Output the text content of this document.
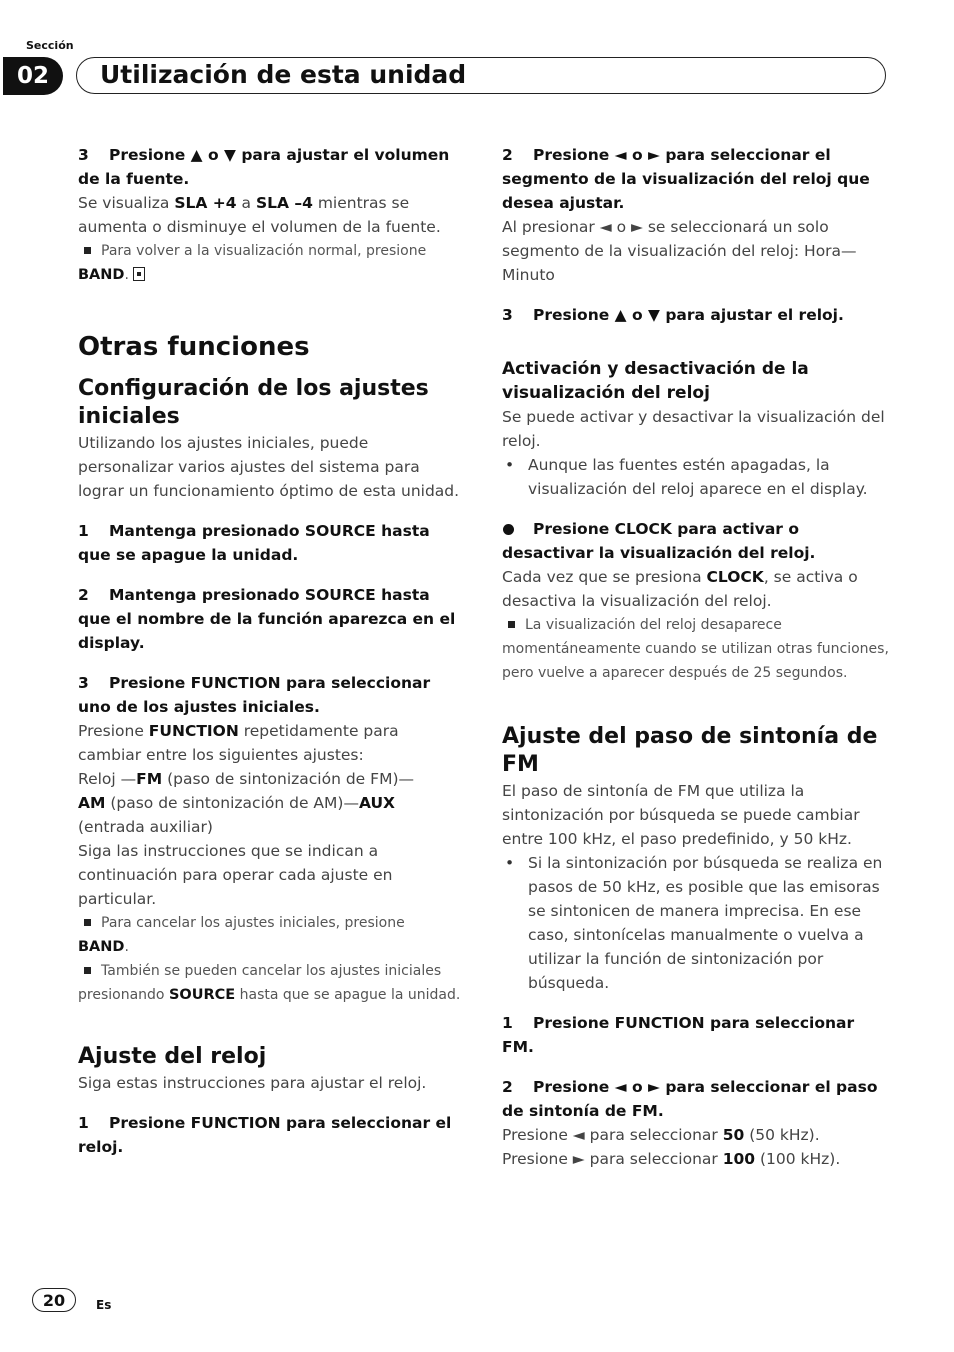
Sección
02	Utilización de esta unidad

3 Presione ▲ o ▼ para ajustar el volumen de la fuente.

Se visualiza SLA +4 a SLA –4 mientras se aumenta o disminuye el volumen de la fuente.

Para volver a la visualización normal, presione
BAND.

Otras funciones
Configuración de los ajustes iniciales

Utilizando los ajustes iniciales, puede personalizar varios ajustes del sistema para lograr un funcionamiento óptimo de esta unidad.

1 Mantenga presionado SOURCE hasta que se apague la unidad.

2 Mantenga presionado SOURCE hasta que el nombre de la función aparezca en el display.

3 Presione FUNCTION para seleccionar uno de los ajustes iniciales.

Presione FUNCTION repetidamente para cambiar entre los siguientes ajustes:
Reloj —FM (paso de sintonización de FM)—
AM (paso de sintonización de AM)—AUX (entrada auxiliar)
Siga las instrucciones que se indican a continuación para operar cada ajuste en particular.

Para cancelar los ajustes iniciales, presione
BAND.

También se pueden cancelar los ajustes iniciales presionando SOURCE hasta que se apague la unidad.

Ajuste del reloj

Siga estas instrucciones para ajustar el reloj.

1 Presione FUNCTION para seleccionar el reloj.

2 Presione ◄ o ► para seleccionar el segmento de la visualización del reloj que desea ajustar.

Al presionar ◄ o ► se seleccionará un solo segmento de la visualización del reloj: Hora—Minuto

3 Presione ▲ o ▼ para ajustar el reloj.

Activación y desactivación de la visualización del reloj

Se puede activar y desactivar la visualización del reloj.

• Aunque las fuentes estén apagadas, la visualización del reloj aparece en el display.

Presione CLOCK para activar o desactivar la visualización del reloj.

Cada vez que se presiona CLOCK, se activa o desactiva la visualización del reloj.

La visualización del reloj desaparece momentáneamente cuando se utilizan otras funciones, pero vuelve a aparecer después de 25 segundos.

Ajuste del paso de sintonía de FM

El paso de sintonía de FM que utiliza la sintonización por búsqueda se puede cambiar entre 100 kHz, el paso predefinido, y 50 kHz.

• Si la sintonización por búsqueda se realiza en pasos de 50 kHz, es posible que las emisoras se sintonicen de manera imprecisa. En ese caso, sintonícelas manualmente o vuelva a utilizar la función de sintonización por búsqueda.

1 Presione FUNCTION para seleccionar FM.

2 Presione ◄ o ► para seleccionar el paso de sintonía de FM.

Presione ◄ para seleccionar 50 (50 kHz). Presione ► para seleccionar 100 (100 kHz).

20	Es
